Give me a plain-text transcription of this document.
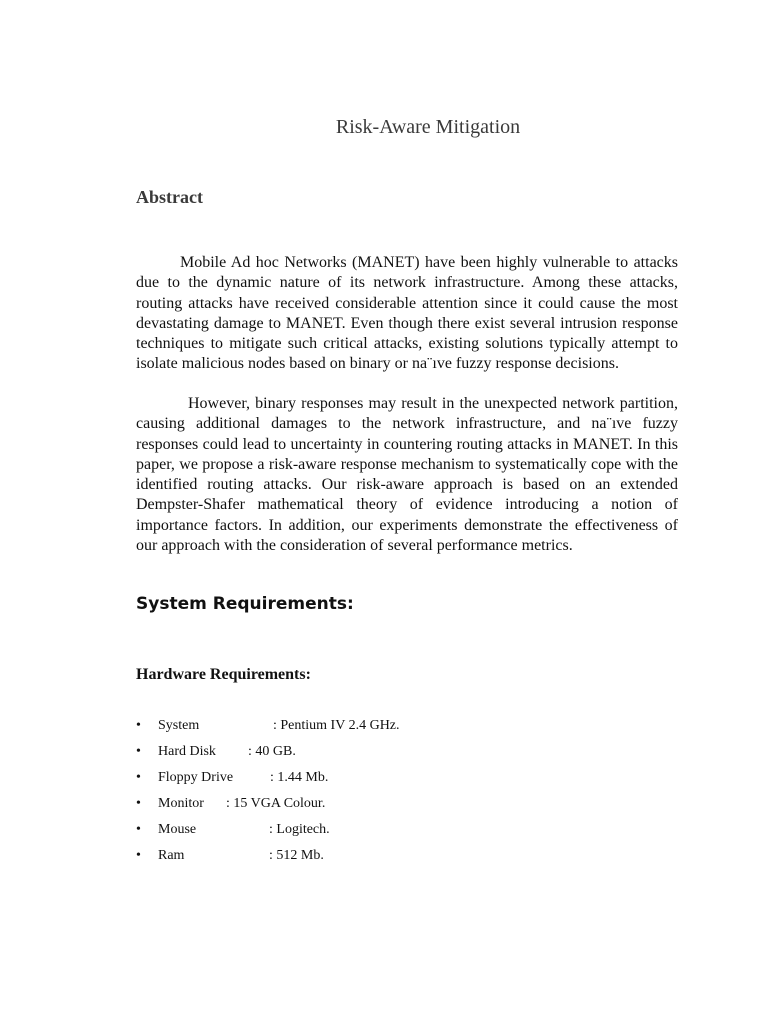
Risk-Aware Mitigation
Abstract

Mobile Ad hoc Networks (MANET) have been highly vulnerable to attacks due to the dynamic nature of its network infrastructure. Among these attacks, routing attacks have received considerable attention since it could cause the most devastating damage to MANET. Even though there exist several intrusion response techniques to mitigate such critical attacks, existing solutions typically attempt to isolate malicious nodes based on binary or na¨ıve fuzzy response decisions.

However, binary responses may result in the unexpected network partition, causing additional damages to the network infrastructure, and na¨ıve fuzzy responses could lead to uncertainty in countering routing attacks in MANET. In this paper, we propose a risk-aware response mechanism to systematically cope with the identified routing attacks. Our risk-aware approach is based on an extended Dempster-Shafer mathematical theory of evidence introducing a notion of importance factors. In addition, our experiments demonstrate the effectiveness of our approach with the consideration of several performance metrics.

System Requirements:
Hardware Requirements:
• System	: Pentium IV 2.4 GHz.
• Hard Disk : 40 GB.
• Floppy Drive	: 1.44 Mb.
• Monitor : 15 VGA Colour.
• Mouse	: Logitech.
• Ram	: 512 Mb.
